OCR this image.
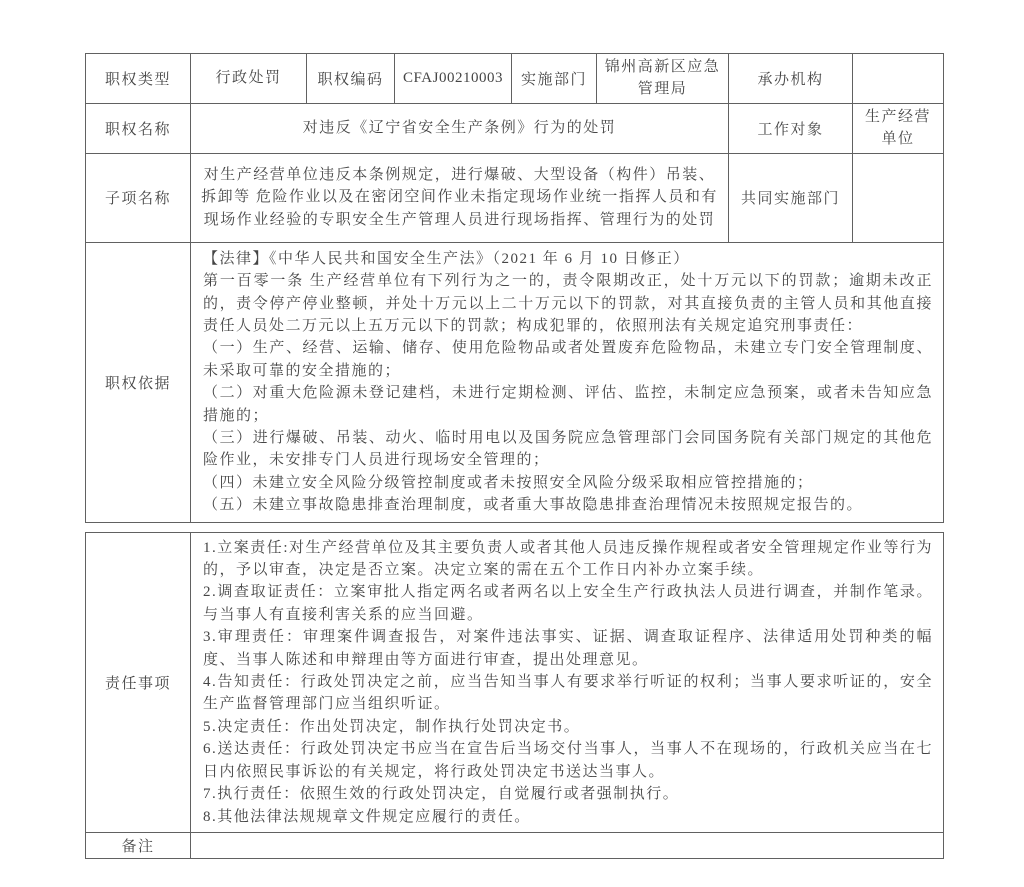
职权类型	行政处罚	职权编码	CFAJ00210003	实施部门	锦州高新区应急管理局	承办机构	
职权名称	对违反《辽宁省安全生产条例》行为的处罚					工作对象	生产经营单位
子项名称	对生产经营单位违反本条例规定，进行爆破、大型设备（构件）吊装、拆卸等 危险作业以及在密闭空间作业未指定现场作业统一指挥人员和有现场作业经验的专职安全生产管理人员进行现场指挥、管理行为的处罚					共同实施部门	
职权依据	
【法律】《中华人民共和国安全生产法》（2021 年 6 月 10 日修正）
第一百零一条 生产经营单位有下列行为之一的，责令限期改正，处十万元以下的罚款；逾期未改正的，责令停产停业整顿，并处十万元以上二十万元以下的罚款，对其直接负责的主管人员和其他直接责任人员处二万元以上五万元以下的罚款；构成犯罪的，依照刑法有关规定追究刑事责任：
（一）生产、经营、运输、储存、使用危险物品或者处置废弃危险物品，未建立专门安全管理制度、未采取可靠的安全措施的；
（二）对重大危险源未登记建档，未进行定期检测、评估、监控，未制定应急预案，或者未告知应急措施的；
（三）进行爆破、吊装、动火、临时用电以及国务院应急管理部门会同国务院有关部门规定的其他危险作业，未安排专门人员进行现场安全管理的；
（四）未建立安全风险分级管控制度或者未按照安全风险分级采取相应管控措施的；
（五）未建立事故隐患排查治理制度，或者重大事故隐患排查治理情况未按照规定报告的。
责任事项	
1.立案责任:对生产经营单位及其主要负责人或者其他人员违反操作规程或者安全管理规定作业等行为的，予以审查，决定是否立案。决定立案的需在五个工作日内补办立案手续。
2.调查取证责任：立案审批人指定两名或者两名以上安全生产行政执法人员进行调查，并制作笔录。与当事人有直接利害关系的应当回避。
3.审理责任：审理案件调查报告，对案件违法事实、证据、调查取证程序、法律适用处罚种类的幅度、当事人陈述和申辩理由等方面进行审查，提出处理意见。
4.告知责任：行政处罚决定之前，应当告知当事人有要求举行听证的权利；当事人要求听证的，安全生产监督管理部门应当组织听证。
5.决定责任：作出处罚决定，制作执行处罚决定书。
6.送达责任：行政处罚决定书应当在宣告后当场交付当事人，当事人不在现场的，行政机关应当在七日内依照民事诉讼的有关规定，将行政处罚决定书送达当事人。
7.执行责任：依照生效的行政处罚决定，自觉履行或者强制执行。
8.其他法律法规规章文件规定应履行的责任。

备注	
